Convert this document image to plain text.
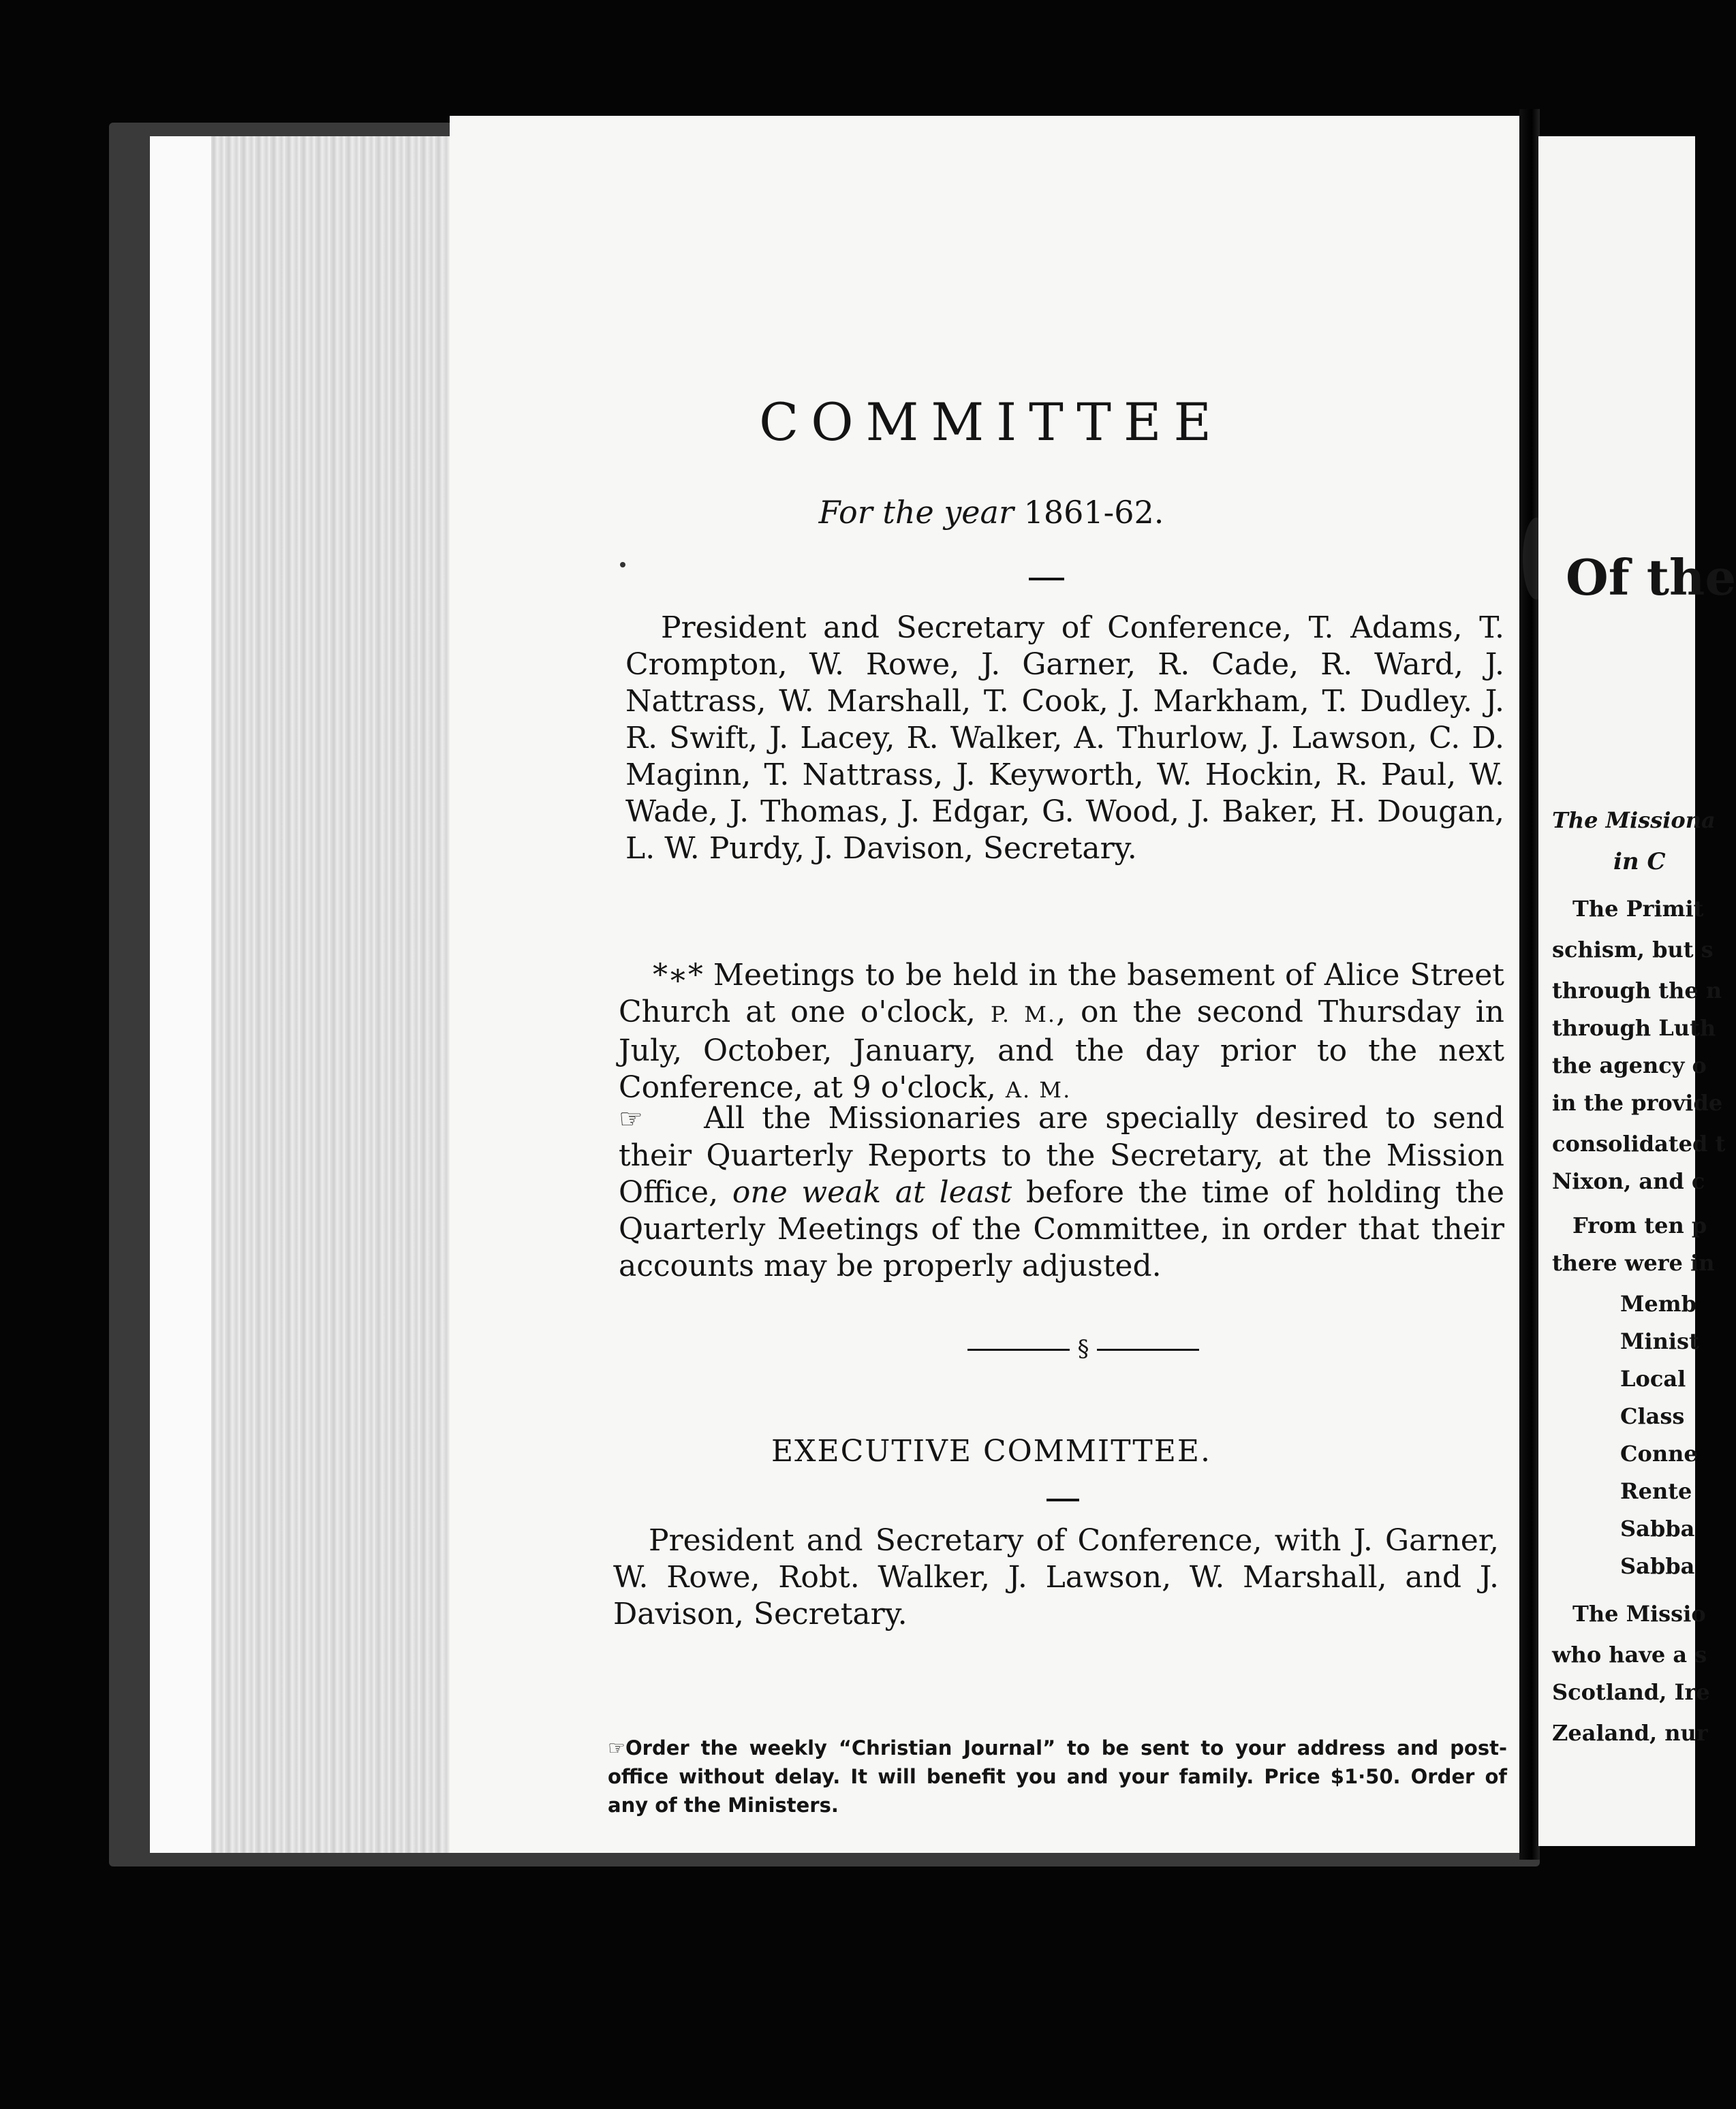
COMMITTEE
For the year 1861-62.
President and Secretary of Conference, T. Adams, T. Crompton, W. Rowe, J. Garner, R. Cade, R. Ward, J. Nattrass, W. Marshall, T. Cook, J. Markham, T. Dudley. J. R. Swift, J. Lacey, R. Walker, A. Thurlow, J. Lawson, C. D. Maginn, T. Nattrass, J. Keyworth, W. Hockin, R. Paul, W. Wade, J. Thomas, J. Edgar, G. Wood, J. Baker, H. Dougan, L. W. Purdy, J. Davison, Secretary.
*∗* Meetings to be held in the basement of Alice Street Church at one o'clock, P. M., on the second Thursday in July, October, January, and the day prior to the next Conference, at 9 o'clock, A. M.
☞ All the Missionaries are specially desired to send their Quarterly Reports to the Secretary, at the Mission Office, one weak at least before the time of holding the Quarterly Meetings of the Committee, in order that their accounts may be properly adjusted.
§
EXECUTIVE COMMITTEE.
President and Secretary of Conference, with J. Garner, W. Rowe, Robt. Walker, J. Lawson, W. Marshall, and J. Davison, Secretary.
☞Order the weekly “Christian Journal” to be sent to your address and post-office without delay. It will benefit you and your family. Price $1·50. Order of any of the Ministers.
Of the
The Missiona
in C
The Primit
schism, but s
through the n
through Luth
the agency o
in the provide
consolidated t
Nixon, and c
From ten p
there were in
Memb
Minist
Local
Class
Conne
Rente
Sabba
Sabba
The Missio
who have a s
Scotland, Ire
Zealand, nur
